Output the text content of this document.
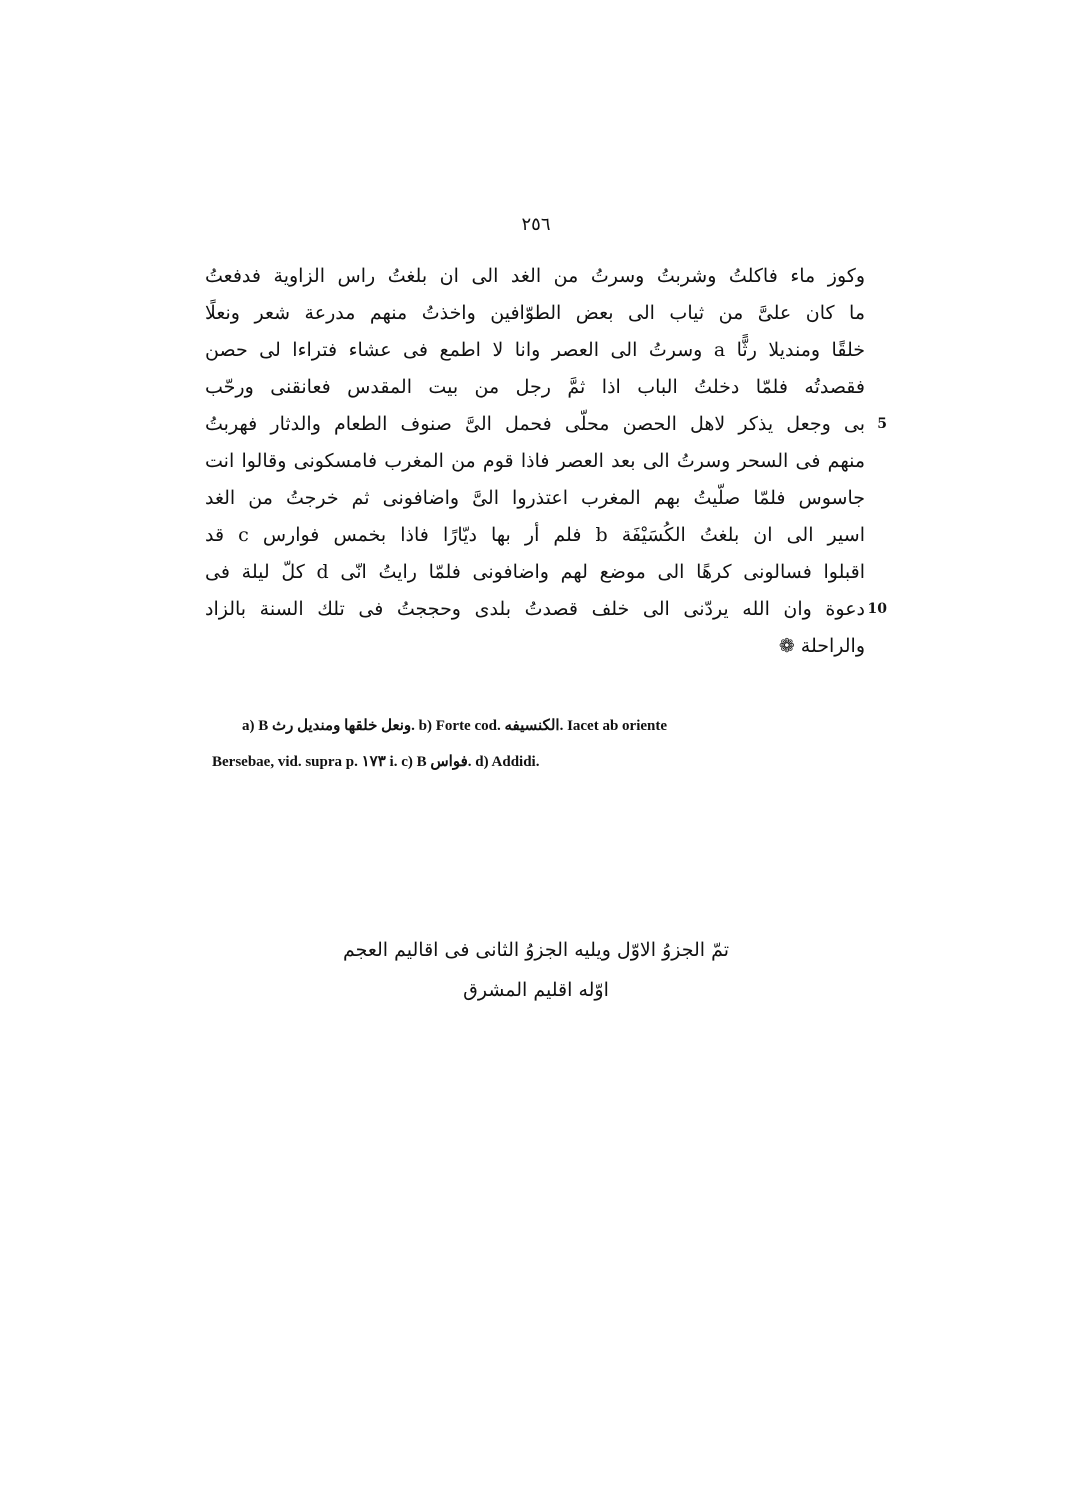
٢٥٦
وكوز ماء فاكلتُ وشربتُ وسرتُ من الغد الى ان بلغتُ راس الزاوية فدفعتُ
ما كان علىَّ من ثياب الى بعض الطوّافين واخذتُ منهم مدرعة شعر ونعلًا
خلقًا ومنديلا رثًّا a وسرتُ الى العصر وانا لا اطمع فى عشاء فتراءا لى حصن
فقصدتُه فلمّا دخلتُ الباب اذا ثمَّ رجل من بيت المقدس فعانقنى ورحّب
5
بى وجعل يذكر لاهل الحصن محلّى فحمل الىَّ صنوف الطعام والدثار فهربتُ
منهم فى السحر وسرتُ الى بعد العصر فاذا قوم من المغرب فامسكونى وقالوا انت
جاسوس فلمّا صلّيتُ بهم المغرب اعتذروا الىَّ واضافونى ثم خرجتُ من الغد
اسير الى ان بلغتُ الكُسَيْفَة b فلم أر بها ديّارًا فاذا بخمس فوارس c قد
اقبلوا فسالونى كرهًا الى موضع لهم واضافونى فلمّا رايتُ انّى d كلّ ليلة فى
10
دعوة وان الله يردّنى الى خلف قصدتُ بلدى وحججتُ فى تلك السنة بالزاد
والراحلة ❁
a) B ونعل خلقها ومنديل رث. b) Forte cod. الكنسيفه. Iacet ab oriente
Bersebae, vid. supra p. ١٧٣ i. c) B فواس. d) Addidi.
تمّ الجزوُ الاوّل ويليه الجزوُ الثانى فى اقاليم العجم
اوّله اقليم المشرق
